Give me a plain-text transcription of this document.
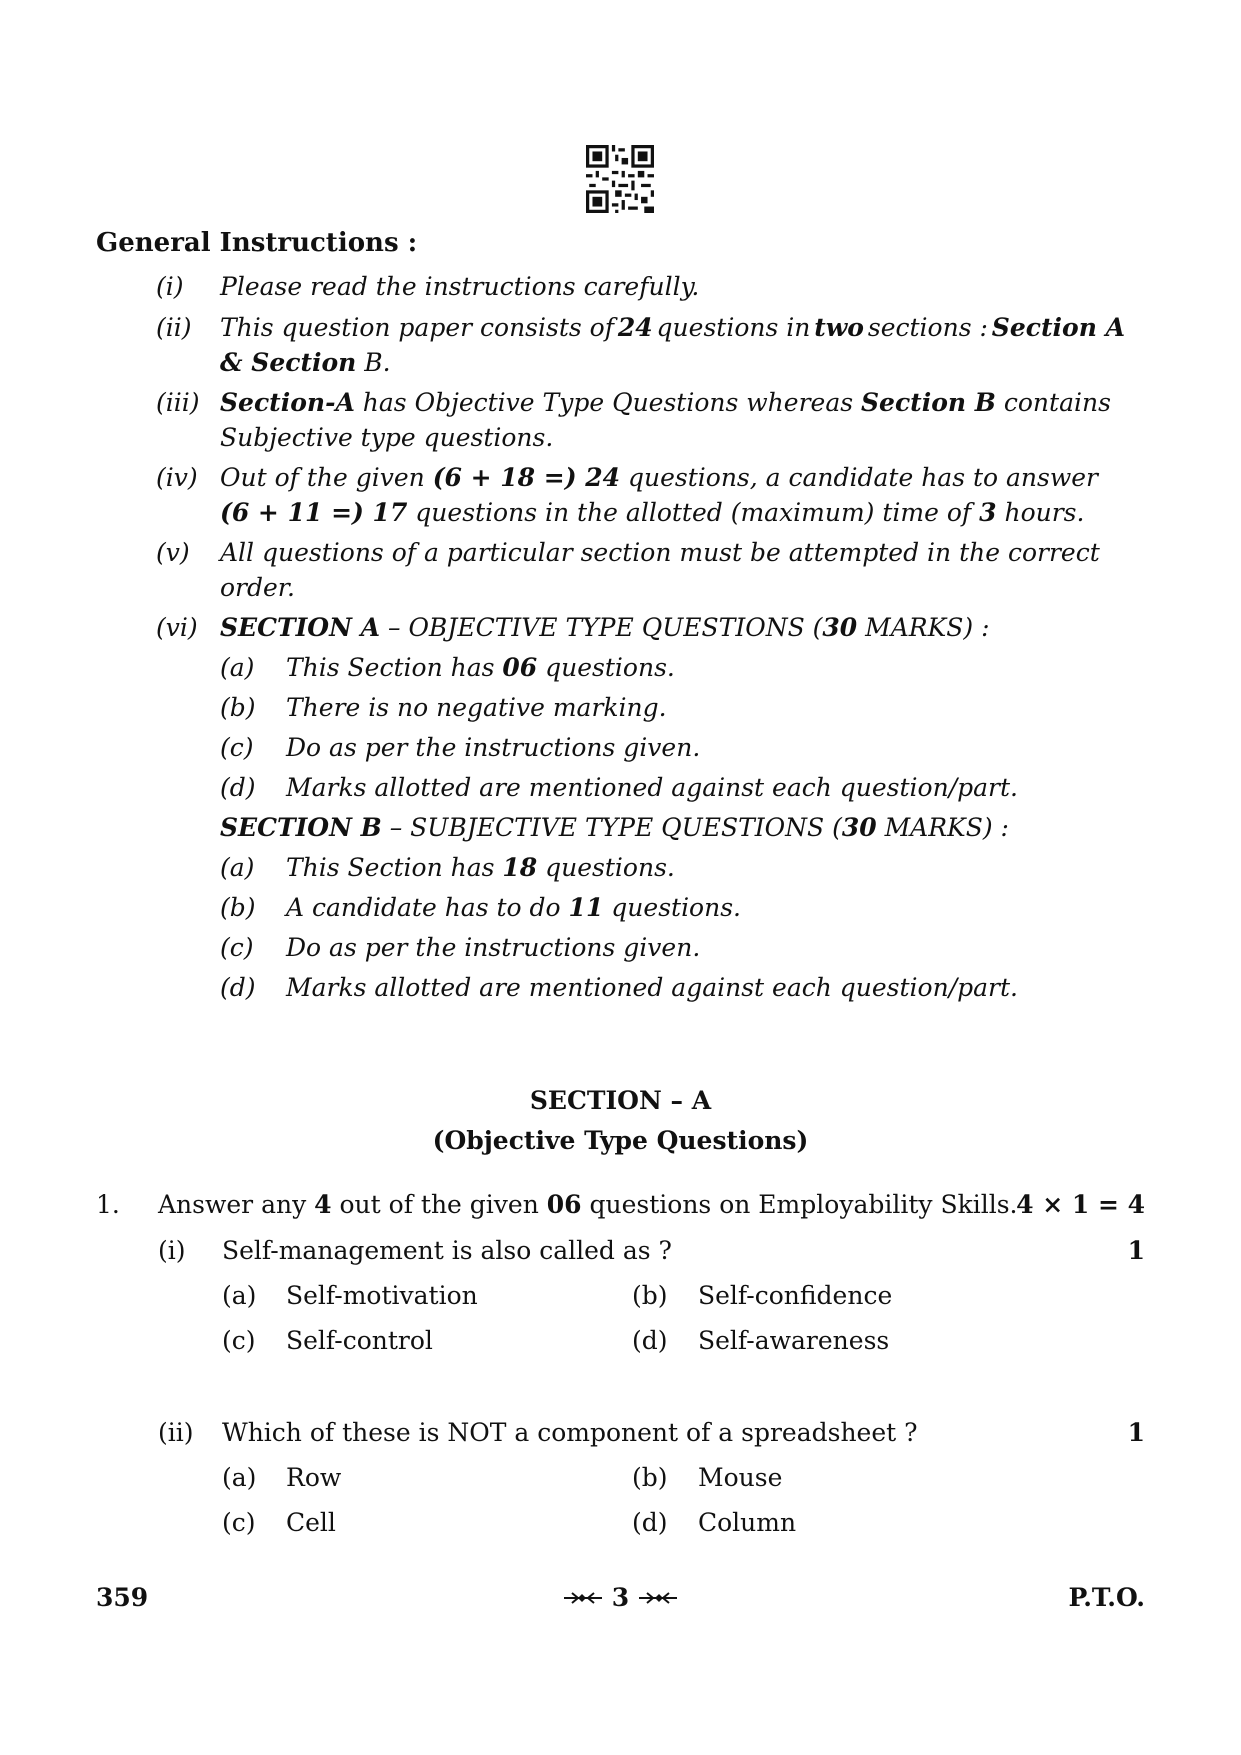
General Instructions :
(i) Please read the instructions carefully.
(ii) This question paper consists of 24 questions in two sections : Section A
& Section B.
(iii) Section-A has Objective Type Questions whereas Section B contains
Subjective type questions.
(iv) Out of the given (6 + 18 =) 24 questions, a candidate has to answer
(6 + 11 =) 17 questions in the allotted (maximum) time of 3 hours.
(v) All questions of a particular section must be attempted in the correct
order.
(vi) SECTION A – OBJECTIVE TYPE QUESTIONS (30 MARKS) :
(a) This Section has 06 questions.
(b) There is no negative marking.
(c) Do as per the instructions given.
(d) Marks allotted are mentioned against each question/part.
SECTION B – SUBJECTIVE TYPE QUESTIONS (30 MARKS) :
(a) This Section has 18 questions.
(b) A candidate has to do 11 questions.
(c) Do as per the instructions given.
(d) Marks allotted are mentioned against each question/part.
SECTION – A
(Objective Type Questions)
1. Answer any 4 out of the given 06 questions on Employability Skills.
4 × 1 = 4
(i) Self-management is also called as ?	1
(a) Self-motivation	(b) Self-confidence
(c) Self-control	(d) Self-awareness
(ii) Which of these is NOT a component of a spreadsheet ?	1
(a) Row	(b) Mouse
(c) Cell	(d) Column
359	3	P.T.O.
